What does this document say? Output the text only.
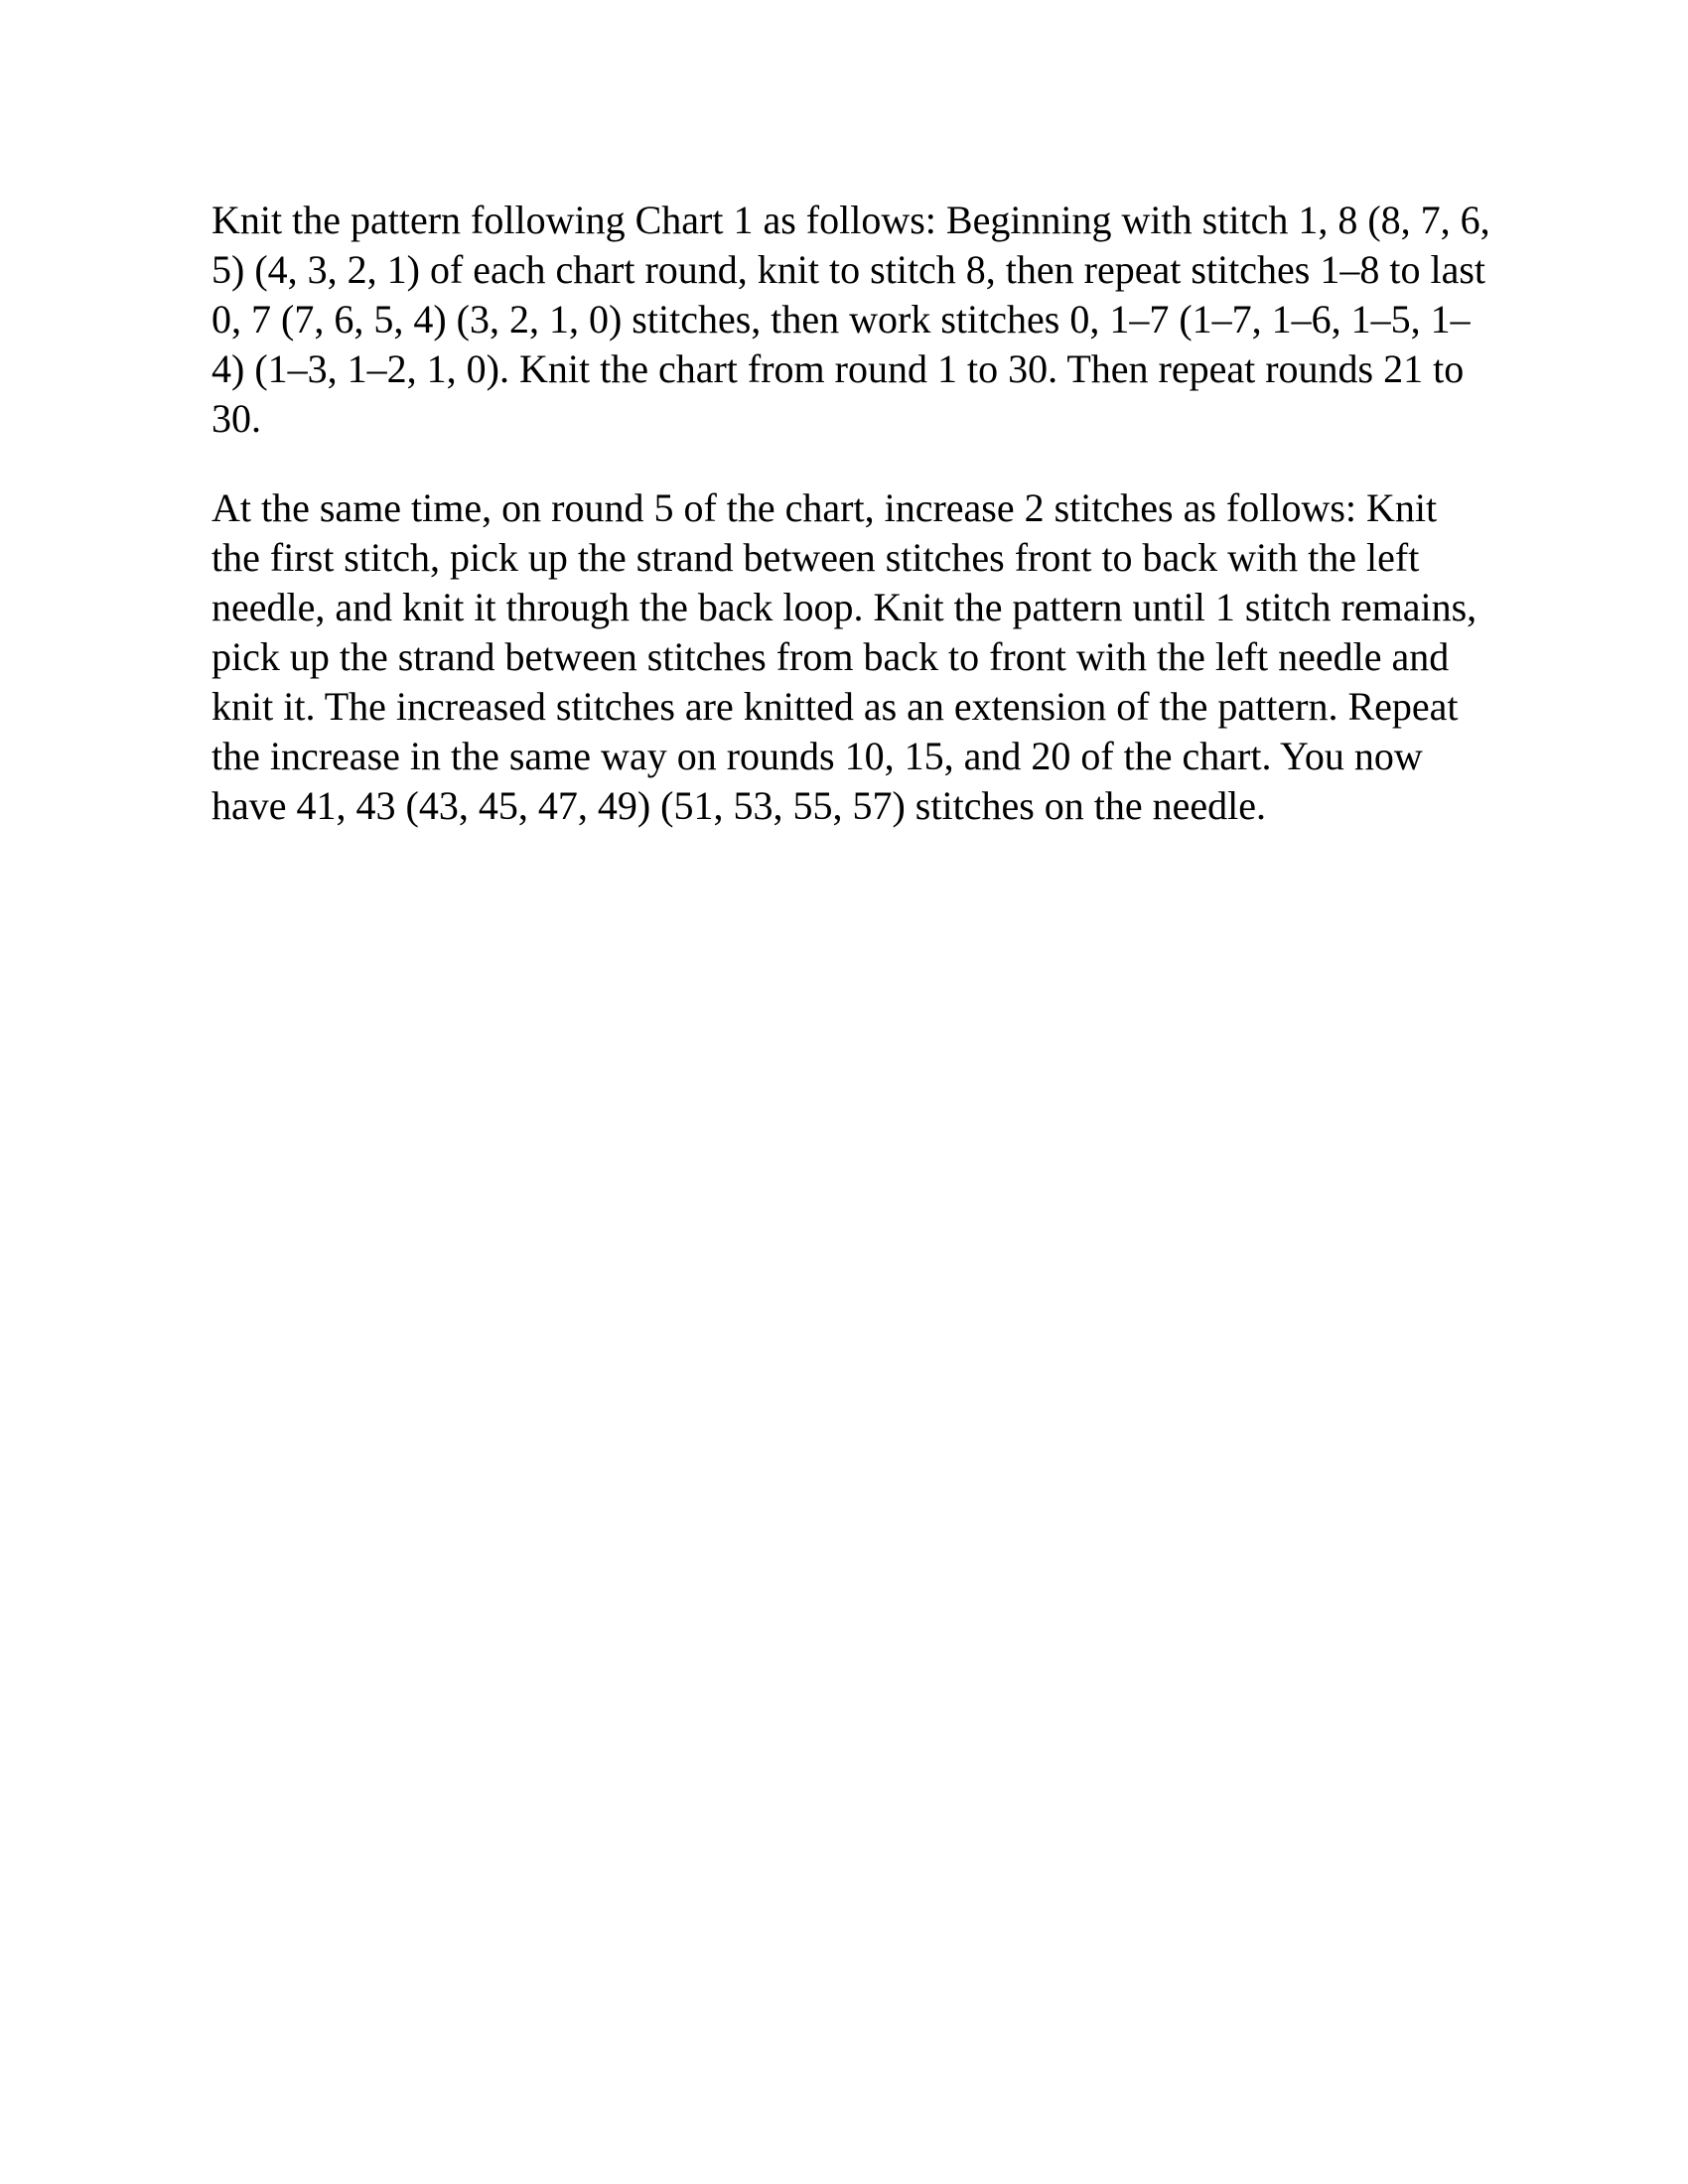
Knit the pattern following Chart 1 as follows: Beginning with stitch 1, 8 (8, 7, 6, 5) (4, 3, 2, 1) of each chart round, knit to stitch 8, then repeat stitches 1–8 to last 0, 7 (7, 6, 5, 4) (3, 2, 1, 0) stitches, then work stitches 0, 1–7 (1–7, 1–6, 1–5, 1–4) (1–3, 1–2, 1, 0). Knit the chart from round 1 to 30. Then repeat rounds 21 to 30.

At the same time, on round 5 of the chart, increase 2 stitches as follows: Knit the first stitch, pick up the strand between stitches front to back with the left needle, and knit it through the back loop. Knit the pattern until 1 stitch remains, pick up the strand between stitches from back to front with the left needle and knit it. The increased stitches are knitted as an extension of the pattern. Repeat the increase in the same way on rounds 10, 15, and 20 of the chart. You now have 41, 43 (43, 45, 47, 49) (51, 53, 55, 57) stitches on the needle.
